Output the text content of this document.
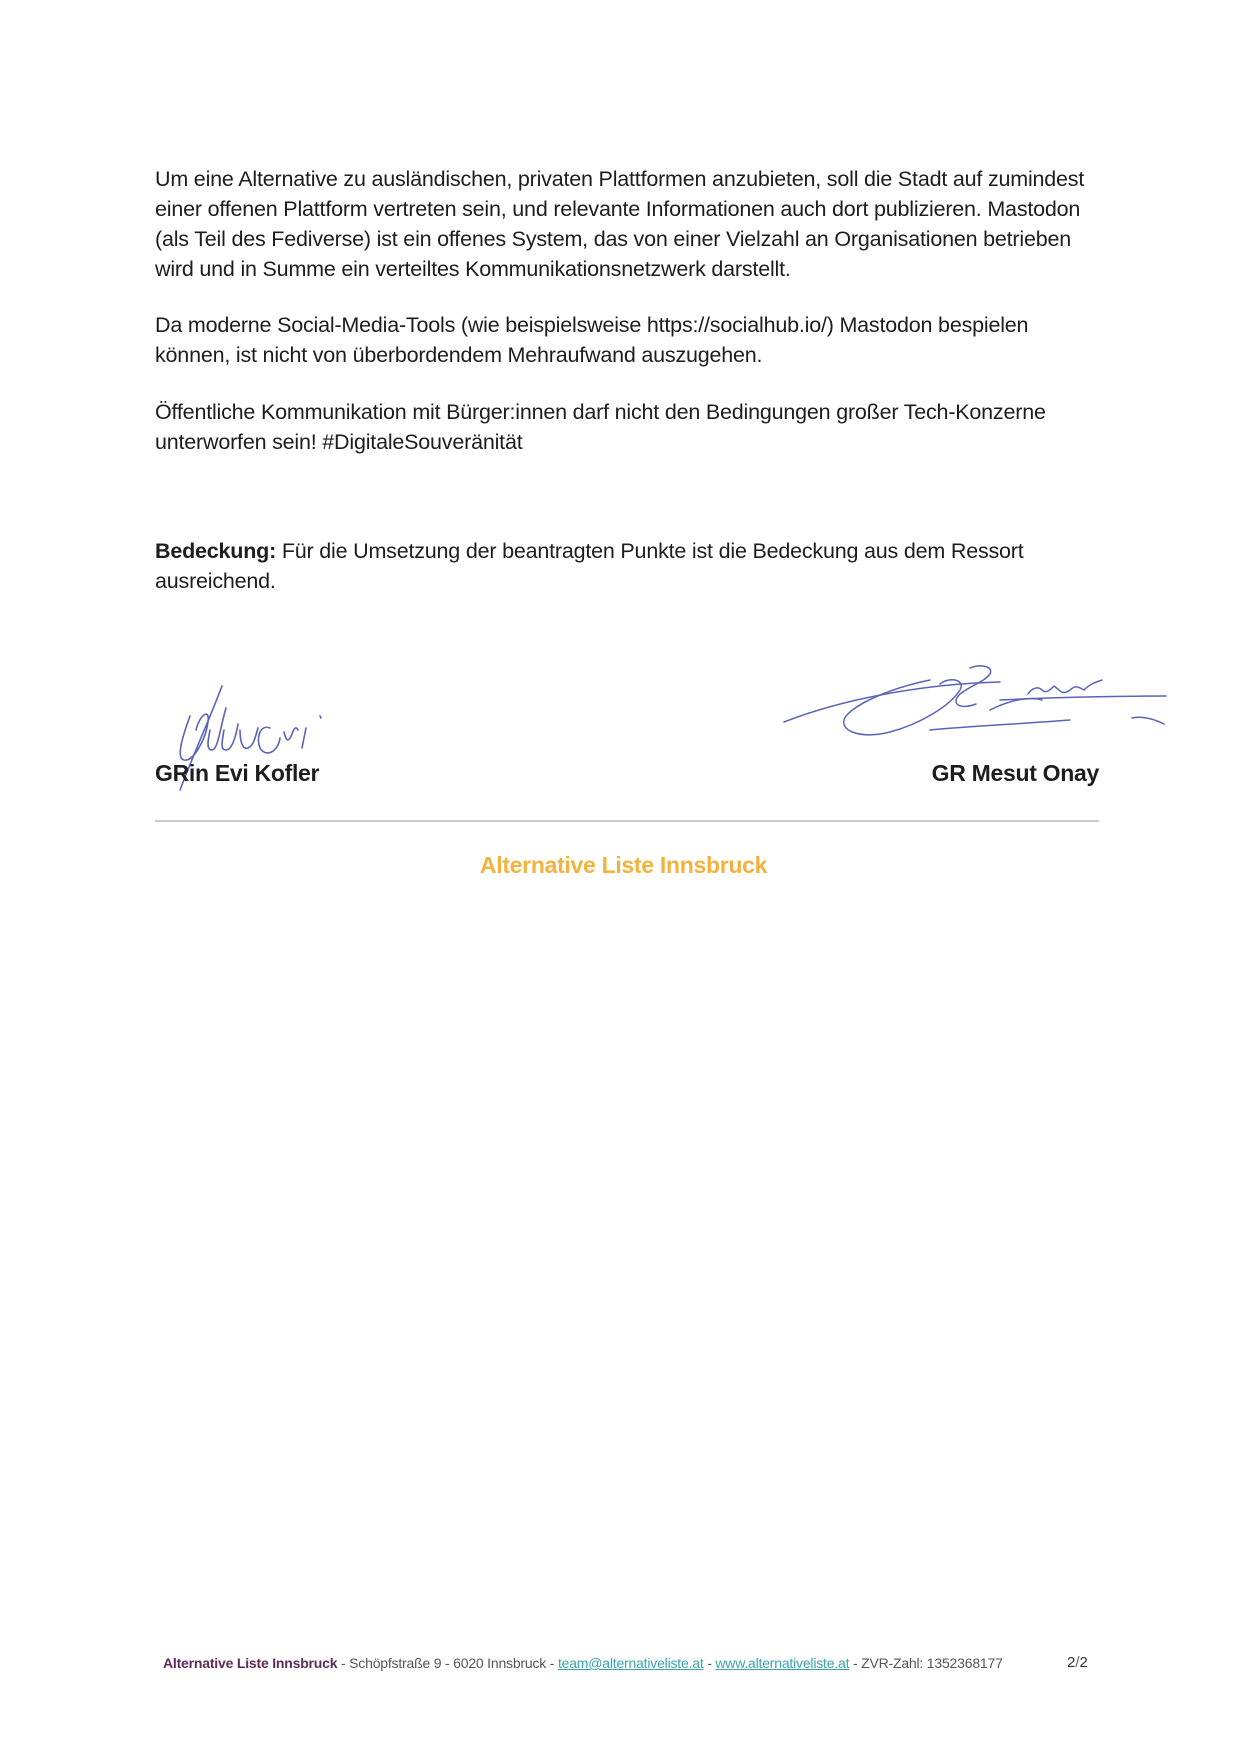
Um eine Alternative zu ausländischen, privaten Plattformen anzubieten, soll die Stadt auf zumindest einer offenen Plattform vertreten sein, und relevante Informationen auch dort publizieren. Mastodon (als Teil des Fediverse) ist ein offenes System, das von einer Vielzahl an Organisationen betrieben wird und in Summe ein verteiltes Kommunikationsnetzwerk darstellt.

Da moderne Social-Media-Tools (wie beispielsweise https://socialhub.io/) Mastodon bespielen können, ist nicht von überbordendem Mehraufwand auszugehen.

Öffentliche Kommunikation mit Bürger:innen darf nicht den Bedingungen großer Tech-Konzerne unterworfen sein! #DigitaleSouveränität

Bedeckung: Für die Umsetzung der beantragten Punkte ist die Bedeckung aus dem Ressort ausreichend.

GRin Evi Kofler	GR Mesut Onay
Alternative Liste Innsbruck
Alternative Liste Innsbruck - Schöpfstraße 9 - 6020 Innsbruck - team@alternativeliste.at - www.alternativeliste.at - ZVR-Zahl: 1352368177	2/2
